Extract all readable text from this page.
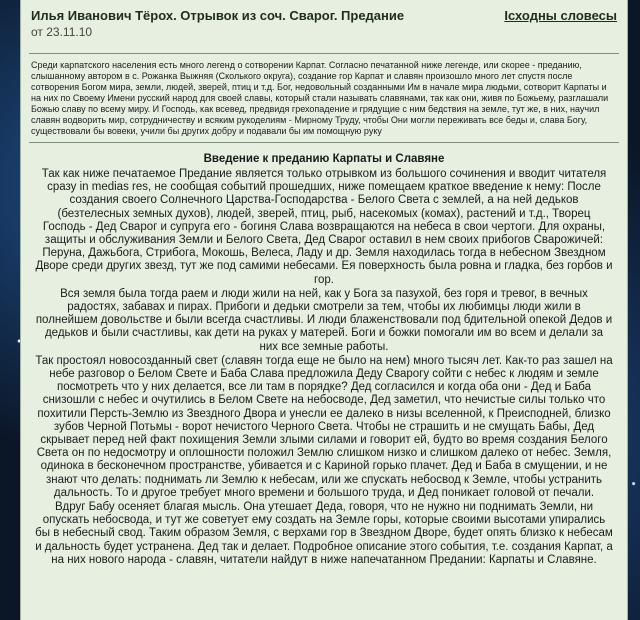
Илья Иванович Тёрох. Отрывок из соч. Сварог. Предание
от 23.11.10
Ісходны словесы
Среди карпатского населения есть много легенд о сотворении Карпат. Согласно печатанной ниже легенде, или скорее - преданию, слышанному автором в с. Рожанка Выжняя (Сколького округа), создание гор Карпат и славян произошло много лет спустя после сотворения Богом мира, земли, людей, зверей, птиц и т.д. Бог, недовольный созданными Им в начале мира людьми, сотворит Карпаты и на них по Своему Имени русский народ для своей славы, который стали называть славянами, так как они, живя по Божьему, разглашали Божью славу по всему миру. И Господь, как всевед, предвидя грехопадение и грядущие с ним бедствия на земле, тут же, в них, научил славян водворить мир, сотрудничеству и всяким рукоделиям - Мирному Труду, чтобы Они могли переживать все беды и, слава Богу, существовали бы вовеки, учили бы других добру и подавали бы им помощную руку
Введение к преданию Карпаты и Славяне

Так как ниже печатаемое Предание является только отрывком из большого сочинения и вводит читателя сразу in medias res, не сообщая событий прошедших, ниже помещаем краткое введение к нему: После создания своего Солнечного Царства-Господарства - Белого Света с землей, а на ней дедьков (безтелесных земных духов), людей, зверей, птиц, рыб, насекомых (комах), растений и т.д., Творец Господь - Дед Сварог и супруга его - богиня Слава возвращаются на небеса в свои чертоги. Для охраны, защиты и обслуживания Земли и Белого Света, Дед Сварог оставил в нем своих прибогов Сварожичей: Перуна, Дажьбога, Стрибога, Мокошь, Велеса, Ладу и др. Земля находилась тогда в небесном Звездном Дворе среди других звезд, тут же под самими небесами. Ея поверхность была ровна и гладка, без горбов и гор.

Вся земля была тогда раем и люди жили на ней, как у Бога за пазухой, без горя и тревог, в вечных радостях, забавах и пирах. Прибоги и дедьки смотрели за тем, чтобы их любимцы люди жили в полнейшем довольстве и были всегда счастливы. И люди блаженствовали под бдительной опекой Дедов и дедьков и были счастливы, как дети на руках у матерей. Боги и божки помогали им во всем и делали за них все земные работы.

Так простоял новосозданный свет (славян тогда еще не было на нем) много тысяч лет. Как-то раз зашел на небе разговор о Белом Свете и Баба Слава предложила Деду Сварогу сойти с небес к людям и земле посмотреть что у них делается, все ли там в порядке? Дед согласился и когда оба они - Дед и Баба снизошли с небес и очутились в Белом Свете на небосводе, Дед заметил, что нечистые силы только что похитили Персть-Землю из Звездного Двора и унесли ее далеко в низы вселенной, к Преисподней, близко зубов Черной Потьмы - ворот нечистого Черного Света. Чтобы не страшить и не смущать Бабы, Дед скрывает перед ней факт похищения Земли злыми силами и говорит ей, будто во время создания Белого Света он по недосмотру и оплошности положил Землю слишком низко и слишком далеко от небес. Земля, одинока в бесконечном пространстве, убивается и с Кариной горько плачет. Дед и Баба в смущении, и не знают что делать: поднимать ли Землю к небесам, или же спускать небосвод к Земле, чтобы устранить дальность. То и другое требует много времени и большого труда, и Дед поникает головой от печали.

Вдруг Бабу осеняет благая мысль. Она утешает Деда, говоря, что не нужно ни поднимать Земли, ни опускать небосвода, и тут же советует ему создать на Земле горы, которые своими высотами упирались бы в небесный свод. Таким образом Земля, с верхами гор в Звездном Дворе, будет опять близко к небесам и дальность будет устранена. Дед так и делает. Подробное описание этого события, т.е. создания Карпат, а на них нового народа - славян, читатели найдут в ниже напечатанном Предании: Карпаты и Славяне.
